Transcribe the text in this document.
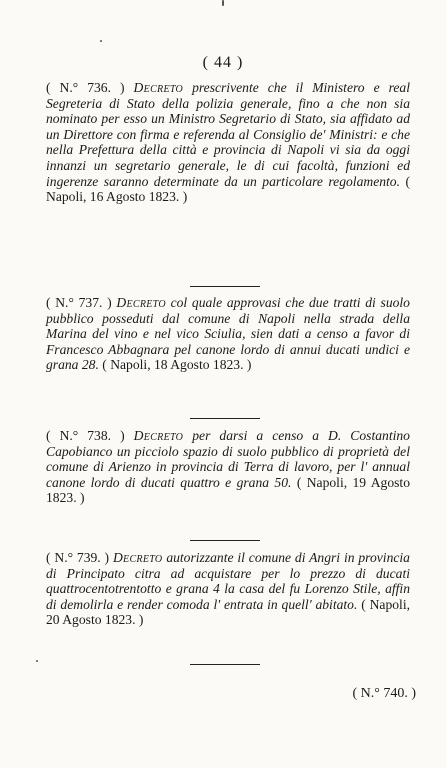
( 44 )
( N.° 736. ) Decreto prescrivente che il Ministero e real Segreteria di Stato della polizia generale, fino a che non sia nominato per esso un Ministro Segretario di Stato, sia affidato ad un Direttore con firma e referenda al Consiglio de' Ministri: e che nella Prefettura della città e provincia di Napoli vi sia da oggi innanzi un segretario generale, le di cui facoltà, funzioni ed ingerenze saranno determinate da un particolare regolamento. ( Napoli, 16 Agosto 1823. )
( N.° 737. ) Decreto col quale approvasi che due tratti di suolo pubblico posseduti dal comune di Napoli nella strada della Marina del vino e nel vico Sciulia, sien dati a censo a favor di Francesco Abbagnara pel canone lordo di annui ducati undici e grana 28. ( Napoli, 18 Agosto 1823. )
( N.° 738. ) Decreto per darsi a censo a D. Costantino Capobianco un picciolo spazio di suolo pubblico di proprietà del comune di Arienzo in provincia di Terra di lavoro, per l' annual canone lordo di ducati quattro e grana 50. ( Napoli, 19 Agosto 1823. )
( N.° 739. ) Decreto autorizzante il comune di Angri in provincia di Principato citra ad acquistare per lo prezzo di ducati quattrocentotrentotto e grana 4 la casa del fu Lorenzo Stile, affin di demolirla e render comoda l' entrata in quell' abitato. ( Napoli, 20 Agosto 1823. )
( N.° 740. )
